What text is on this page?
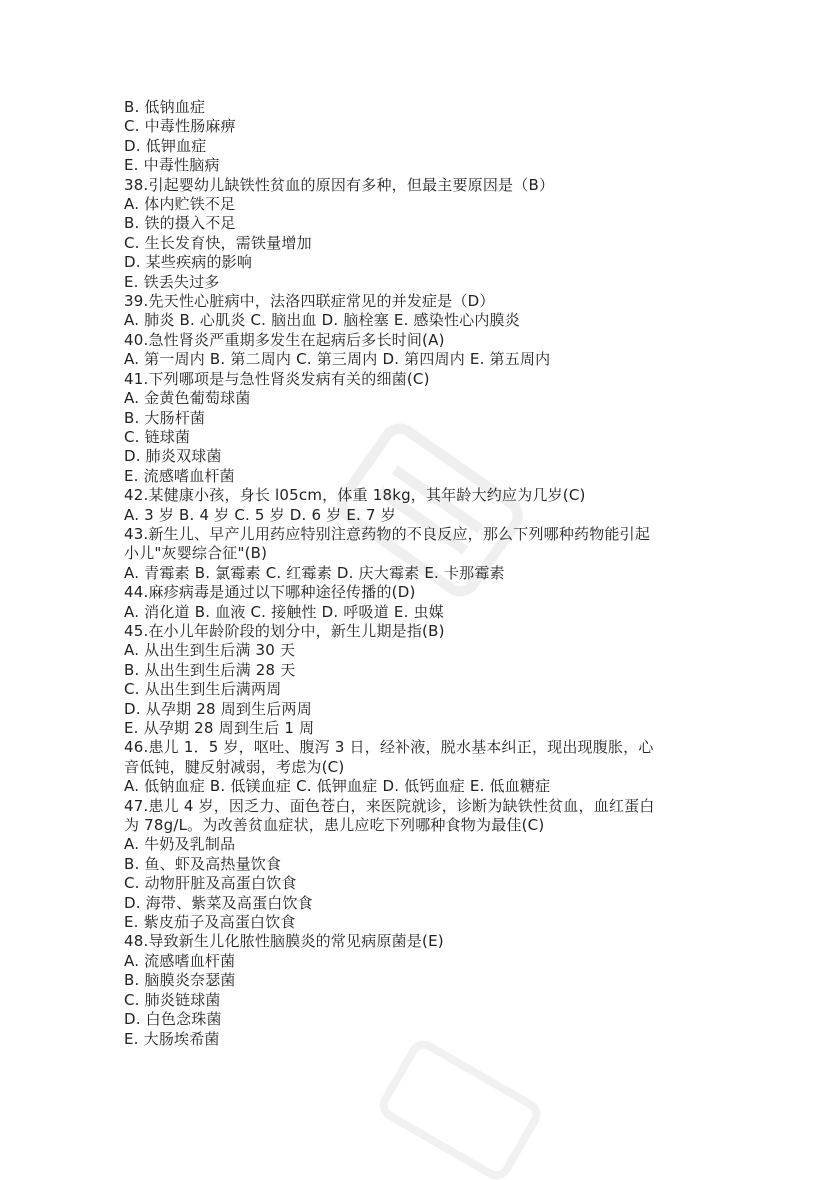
B. 低钠血症
C. 中毒性肠麻痹
D. 低钾血症
E. 中毒性脑病
38.引起婴幼儿缺铁性贫血的原因有多种，但最主要原因是（B）
A. 体内贮铁不足
B. 铁的摄入不足
C. 生长发育快，需铁量增加
D. 某些疾病的影响
E. 铁丢失过多
39.先天性心脏病中，法洛四联症常见的并发症是（D）
A. 肺炎 B. 心肌炎 C. 脑出血 D. 脑栓塞 E. 感染性心内膜炎
40.急性肾炎严重期多发生在起病后多长时间(A)
A. 第一周内 B. 第二周内 C. 第三周内 D. 第四周内 E. 第五周内
41.下列哪项是与急性肾炎发病有关的细菌(C)
A. 金黄色葡萄球菌
B. 大肠杆菌
C. 链球菌
D. 肺炎双球菌
E. 流感嗜血杆菌
42.某健康小孩，身长 l05cm，体重 18kg，其年龄大约应为几岁(C)
A. 3 岁 B. 4 岁 C. 5 岁 D. 6 岁 E. 7 岁
43.新生儿、早产儿用药应特别注意药物的不良反应，那么下列哪种药物能引起
小儿"灰婴综合征"(B)
A. 青霉素 B. 氯霉素 C. 红霉素 D. 庆大霉素 E. 卡那霉素
44.麻疹病毒是通过以下哪种途径传播的(D)
A. 消化道 B. 血液 C. 接触性 D. 呼吸道 E. 虫媒
45.在小儿年龄阶段的划分中，新生儿期是指(B)
A. 从出生到生后满 30 天
B. 从出生到生后满 28 天
C. 从出生到生后满两周
D. 从孕期 28 周到生后两周
E. 从孕期 28 周到生后 1 周
46.患儿 1．5 岁，呕吐、腹泻 3 日，经补液，脱水基本纠正，现出现腹胀，心
音低钝，腱反射减弱，考虑为(C)
A. 低钠血症 B. 低镁血症 C. 低钾血症 D. 低钙血症 E. 低血糖症
47.患儿 4 岁，因乏力、面色苍白，来医院就诊，诊断为缺铁性贫血，血红蛋白
为 78g/L。为改善贫血症状，患儿应吃下列哪种食物为最佳(C)
A. 牛奶及乳制品
B. 鱼、虾及高热量饮食
C. 动物肝脏及高蛋白饮食
D. 海带、紫菜及高蛋白饮食
E. 紫皮茄子及高蛋白饮食
48.导致新生儿化脓性脑膜炎的常见病原菌是(E)
A. 流感嗜血杆菌
B. 脑膜炎奈瑟菌
C. 肺炎链球菌
D. 白色念珠菌
E. 大肠埃希菌
